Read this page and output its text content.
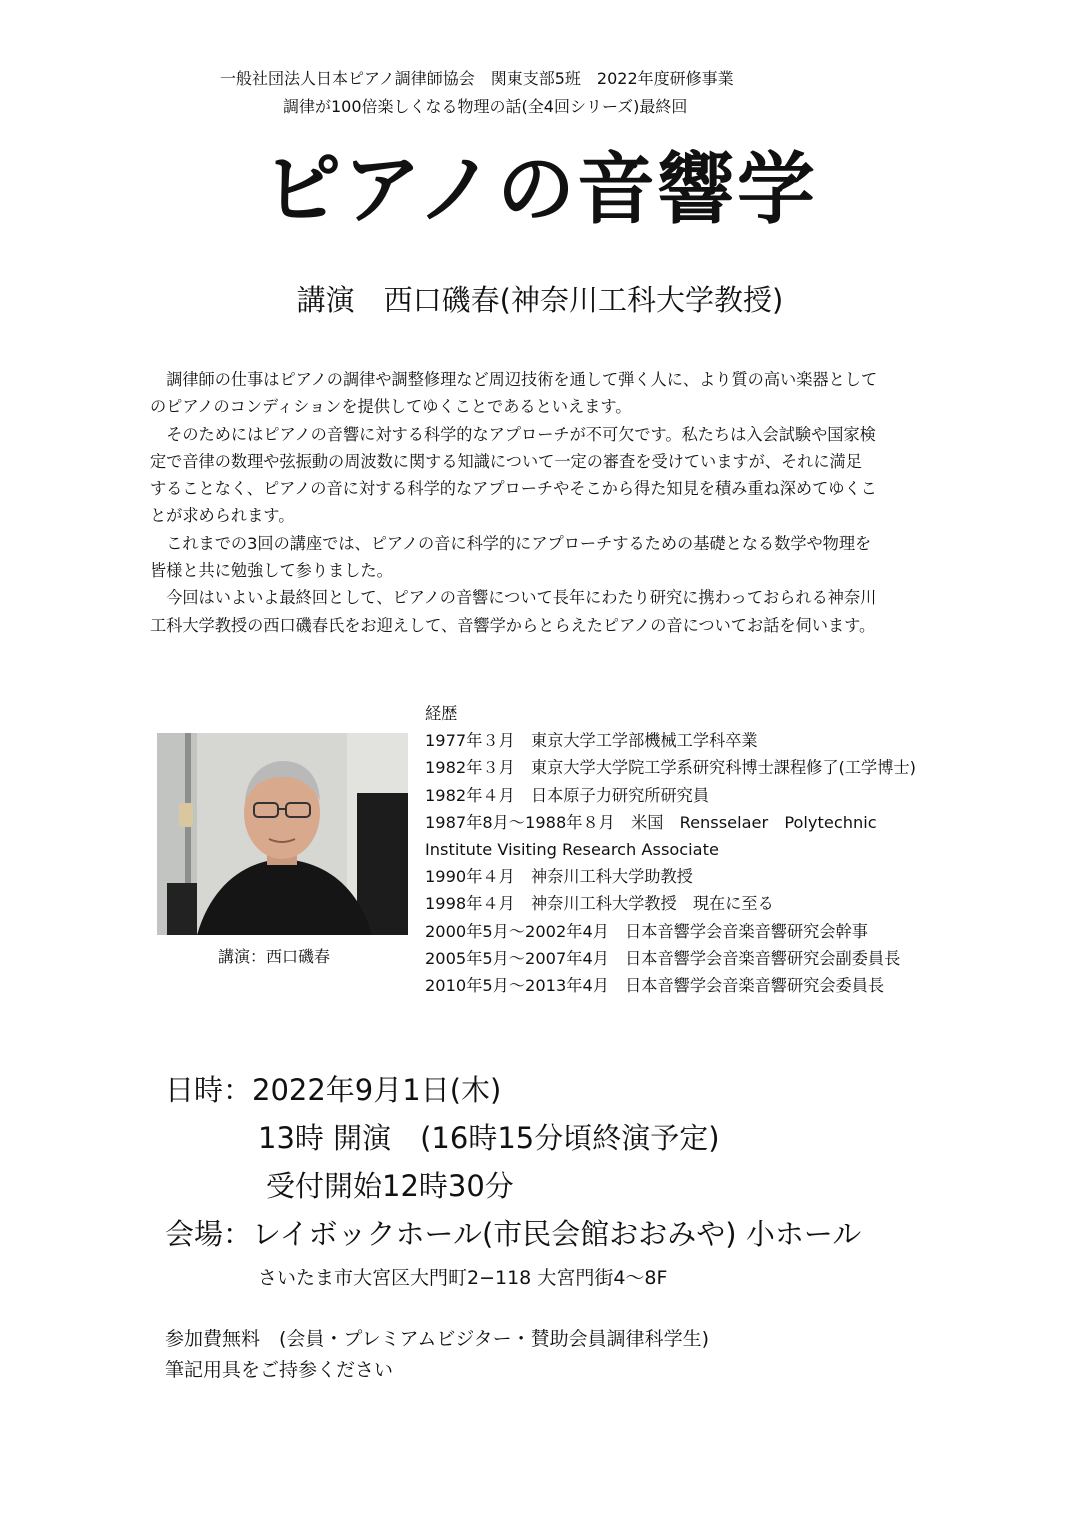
一般社団法人日本ピアノ調律師協会　関東支部5班　2022年度研修事業
調律が100倍楽しくなる物理の話(全4回シリーズ)最終回
ピアノの音響学
講演　西口磯春(神奈川工科大学教授)

調律師の仕事はピアノの調律や調整修理など周辺技術を通して弾く人に、より質の高い楽器として

のピアノのコンディションを提供してゆくことであるといえます。

そのためにはピアノの音響に対する科学的なアプローチが不可欠です。私たちは入会試験や国家検

定で音律の数理や弦振動の周波数に関する知識について一定の審査を受けていますが、それに満足

することなく、ピアノの音に対する科学的なアプローチやそこから得た知見を積み重ね深めてゆくこ

とが求められます。

これまでの3回の講座では、ピアノの音に科学的にアプローチするための基礎となる数学や物理を

皆様と共に勉強して参りました。

今回はいよいよ最終回として、ピアノの音響について長年にわたり研究に携わっておられる神奈川

工科大学教授の西口磯春氏をお迎えして、音響学からとらえたピアノの音についてお話を伺います。

講演：西口磯春
経歴
1977年３月　東京大学工学部機械工学科卒業
1982年３月　東京大学大学院工学系研究科博士課程修了(工学博士)
1982年４月　日本原子力研究所研究員
1987年8月〜1988年８月　米国　Rensselaer　Polytechnic
Institute Visiting Research Associate
1990年４月　神奈川工科大学助教授
1998年４月　神奈川工科大学教授　現在に至る
2000年5月〜2002年4月　日本音響学会音楽音響研究会幹事
2005年5月〜2007年4月　日本音響学会音楽音響研究会副委員長
2010年5月〜2013年4月　日本音響学会音楽音響研究会委員長
日時：2022年9月1日(木)
13時 開演　(16時15分頃終演予定)
受付開始12時30分
会場：レイボックホール(市民会館おおみや) 小ホール
さいたま市大宮区大門町2−118 大宮門街4〜8F
参加費無料　(会員・プレミアムビジター・賛助会員調律科学生)
筆記用具をご持参ください
